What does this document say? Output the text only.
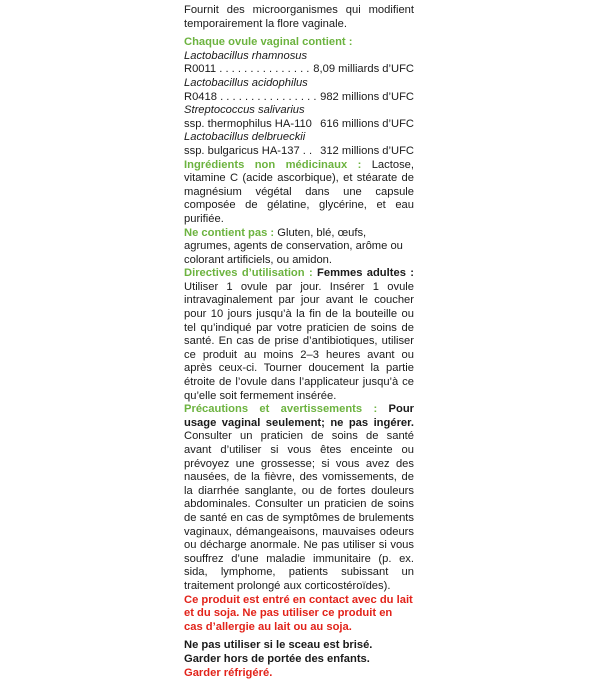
Fournit des microorganismes qui modifient temporairement la flore vaginale.

Chaque ovule vaginal contient :

Lactobacillus rhamnosus

R0011 . . .	8,09 milliards d’UFC

Lactobacillus acidophilus

R0418 . . .	982 millions d’UFC

Streptococcus salivarius

ssp. thermophilus HA-110 616 millions d’UFC

Lactobacillus delbrueckii

ssp. bulgaricus HA-137 . . .	312 millions d’UFC

Ingrédients non médicinaux : Lactose, vitamine C (acide ascorbique), et stéarate de magnésium végétal dans une capsule composée de gélatine, glycérine, et eau purifiée.

Ne contient pas : Gluten, blé, œufs, agrumes, agents de conservation, arôme ou colorant artificiels, ou amidon.

Directives d’utilisation : Femmes adultes : Utiliser 1 ovule par jour. Insérer 1 ovule intravaginalement par jour avant le coucher pour 10 jours jusqu’à la fin de la bouteille ou tel qu’indiqué par votre praticien de soins de santé. En cas de prise d’antibiotiques, utiliser ce produit au moins 2–3 heures avant ou après ceux-ci. Tourner doucement la partie étroite de l’ovule dans l’applicateur jusqu’à ce qu’elle soit fermement insérée.

Précautions et avertissements : Pour usage vaginal seulement; ne pas ingérer. Consulter un praticien de soins de santé avant d’utiliser si vous êtes enceinte ou prévoyez une grossesse; si vous avez des nausées, de la fièvre, des vomissements, de la diarrhée sanglante, ou de fortes douleurs abdominales. Consulter un praticien de soins de santé en cas de symptômes de brulements vaginaux, démangeaisons, mauvaises odeurs ou décharge anormale. Ne pas utiliser si vous souffrez d’une maladie immunitaire (p. ex. sida, lymphome, patients subissant un traitement prolongé aux corticostéroïdes).

Ce produit est entré en contact avec du lait et du soja. Ne pas utiliser ce produit en cas d’allergie au lait ou au soja.

Ne pas utiliser si le sceau est brisé.

Garder hors de portée des enfants.

Garder réfrigéré.
